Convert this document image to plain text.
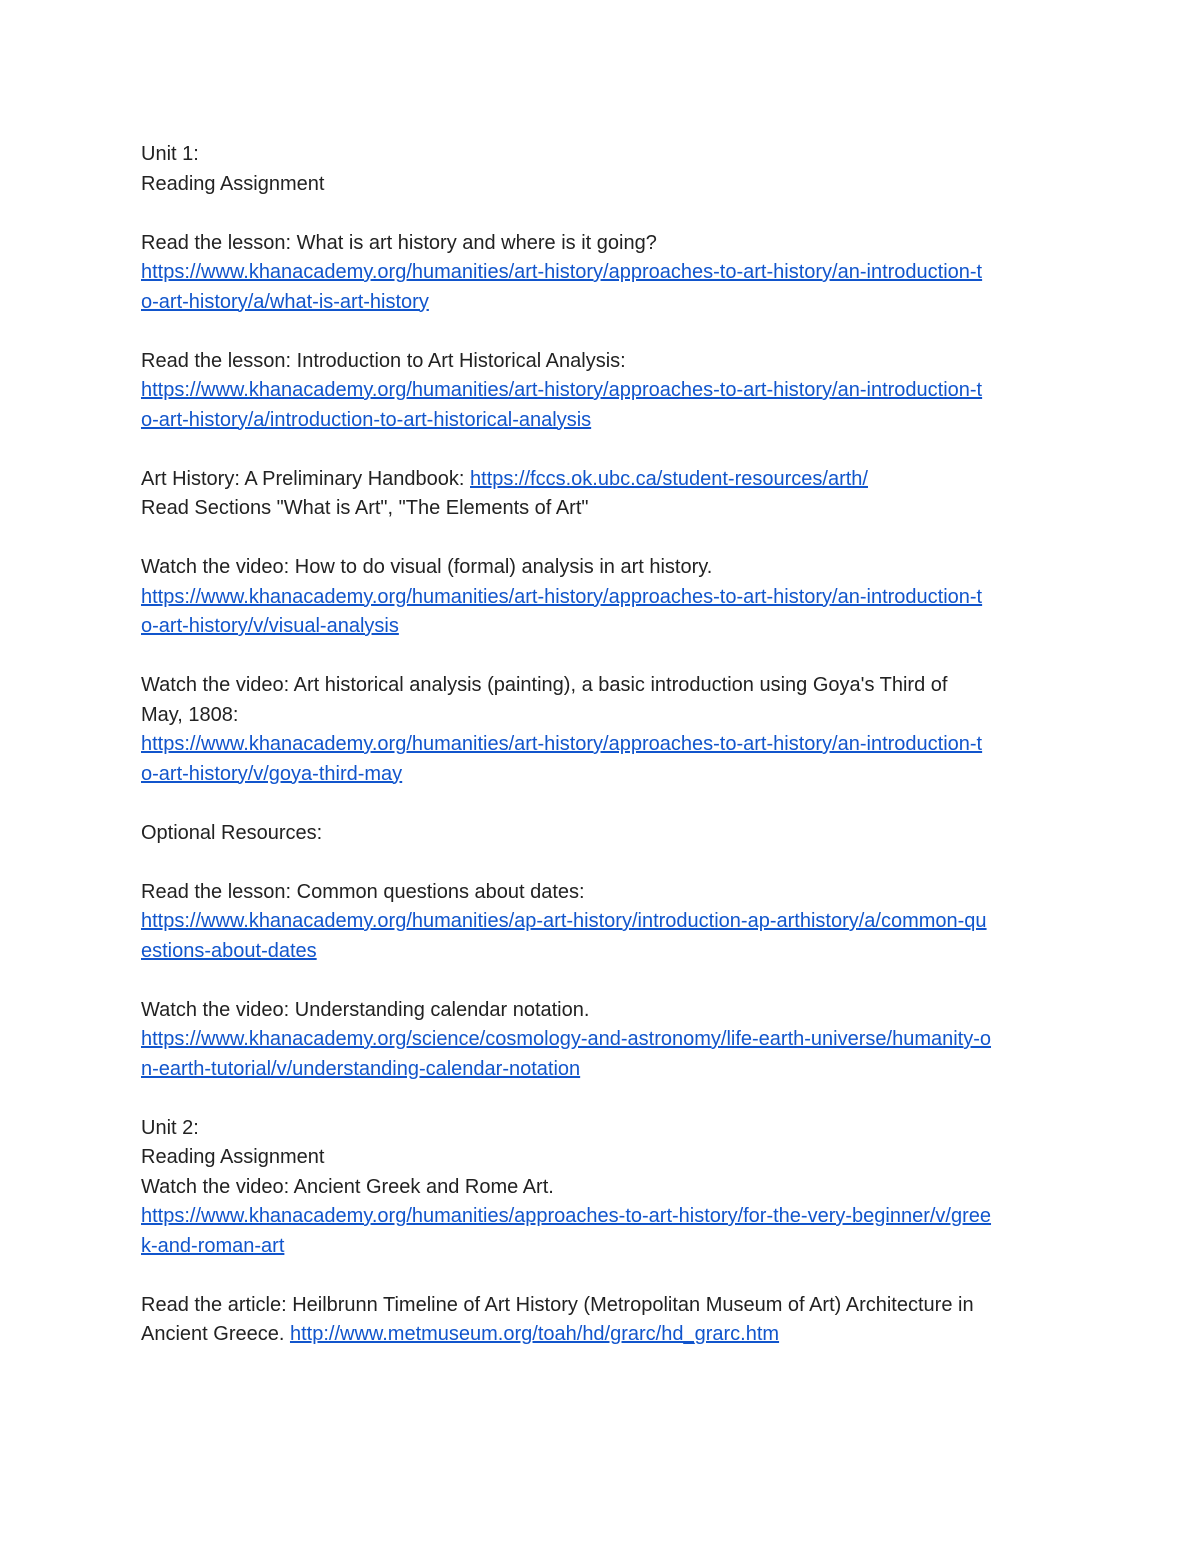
Unit 1:
Reading Assignment
Read the lesson: What is art history and where is it going?
https://www.khanacademy.org/humanities/art-history/approaches-to-art-history/an-introduction-t
o-art-history/a/what-is-art-history
Read the lesson: Introduction to Art Historical Analysis:
https://www.khanacademy.org/humanities/art-history/approaches-to-art-history/an-introduction-t
o-art-history/a/introduction-to-art-historical-analysis
Art History: A Preliminary Handbook: https://fccs.ok.ubc.ca/student-resources/arth/
Read Sections "What is Art", "The Elements of Art"
Watch the video: How to do visual (formal) analysis in art history.
https://www.khanacademy.org/humanities/art-history/approaches-to-art-history/an-introduction-t
o-art-history/v/visual-analysis
Watch the video: Art historical analysis (painting), a basic introduction using Goya's Third of
May, 1808:
https://www.khanacademy.org/humanities/art-history/approaches-to-art-history/an-introduction-t
o-art-history/v/goya-third-may
Optional Resources:
Read the lesson: Common questions about dates:
https://www.khanacademy.org/humanities/ap-art-history/introduction-ap-arthistory/a/common-qu
estions-about-dates
Watch the video: Understanding calendar notation.
https://www.khanacademy.org/science/cosmology-and-astronomy/life-earth-universe/humanity-o
n-earth-tutorial/v/understanding-calendar-notation
Unit 2:
Reading Assignment
Watch the video: Ancient Greek and Rome Art.
https://www.khanacademy.org/humanities/approaches-to-art-history/for-the-very-beginner/v/gree
k-and-roman-art
Read the article: Heilbrunn Timeline of Art History (Metropolitan Museum of Art) Architecture in
Ancient Greece. http://www.metmuseum.org/toah/hd/grarc/hd_grarc.htm
